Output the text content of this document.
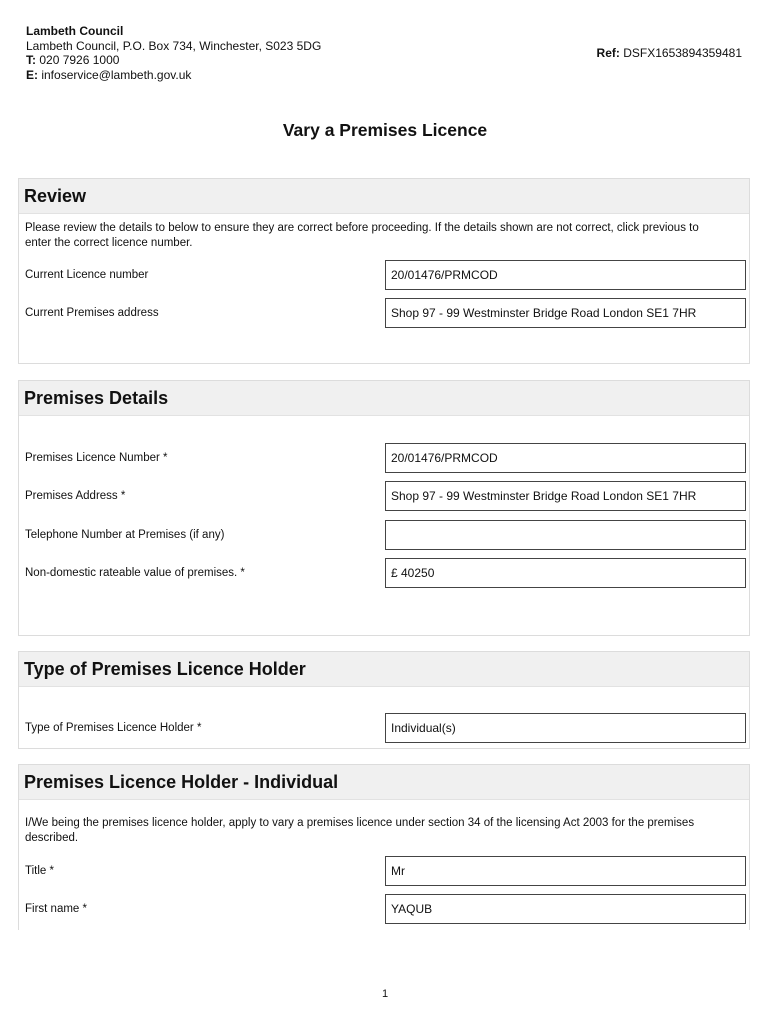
Lambeth Council
Lambeth Council, P.O. Box 734, Winchester, S023 5DG
T: 020 7926 1000
E: infoservice@lambeth.gov.uk
Ref: DSFX1653894359481
Vary a Premises Licence
Review
Please review the details to below to ensure they are correct before proceeding. If the details shown are not correct, click previous to enter the correct licence number.
Current Licence number	20/01476/PRMCOD
Current Premises address	Shop 97 - 99 Westminster Bridge Road London SE1 7HR
Premises Details
Premises Licence Number *	20/01476/PRMCOD
Premises Address *	Shop 97 - 99 Westminster Bridge Road London SE1 7HR
Telephone Number at Premises (if any)
Non-domestic rateable value of premises. *	£ 40250
Type of Premises Licence Holder
Type of Premises Licence Holder *	Individual(s)
Premises Licence Holder - Individual
I/We being the premises licence holder, apply to vary a premises licence under section 34 of the licensing Act 2003 for the premises described.
Title *	Mr
First name *	YAQUB
1
